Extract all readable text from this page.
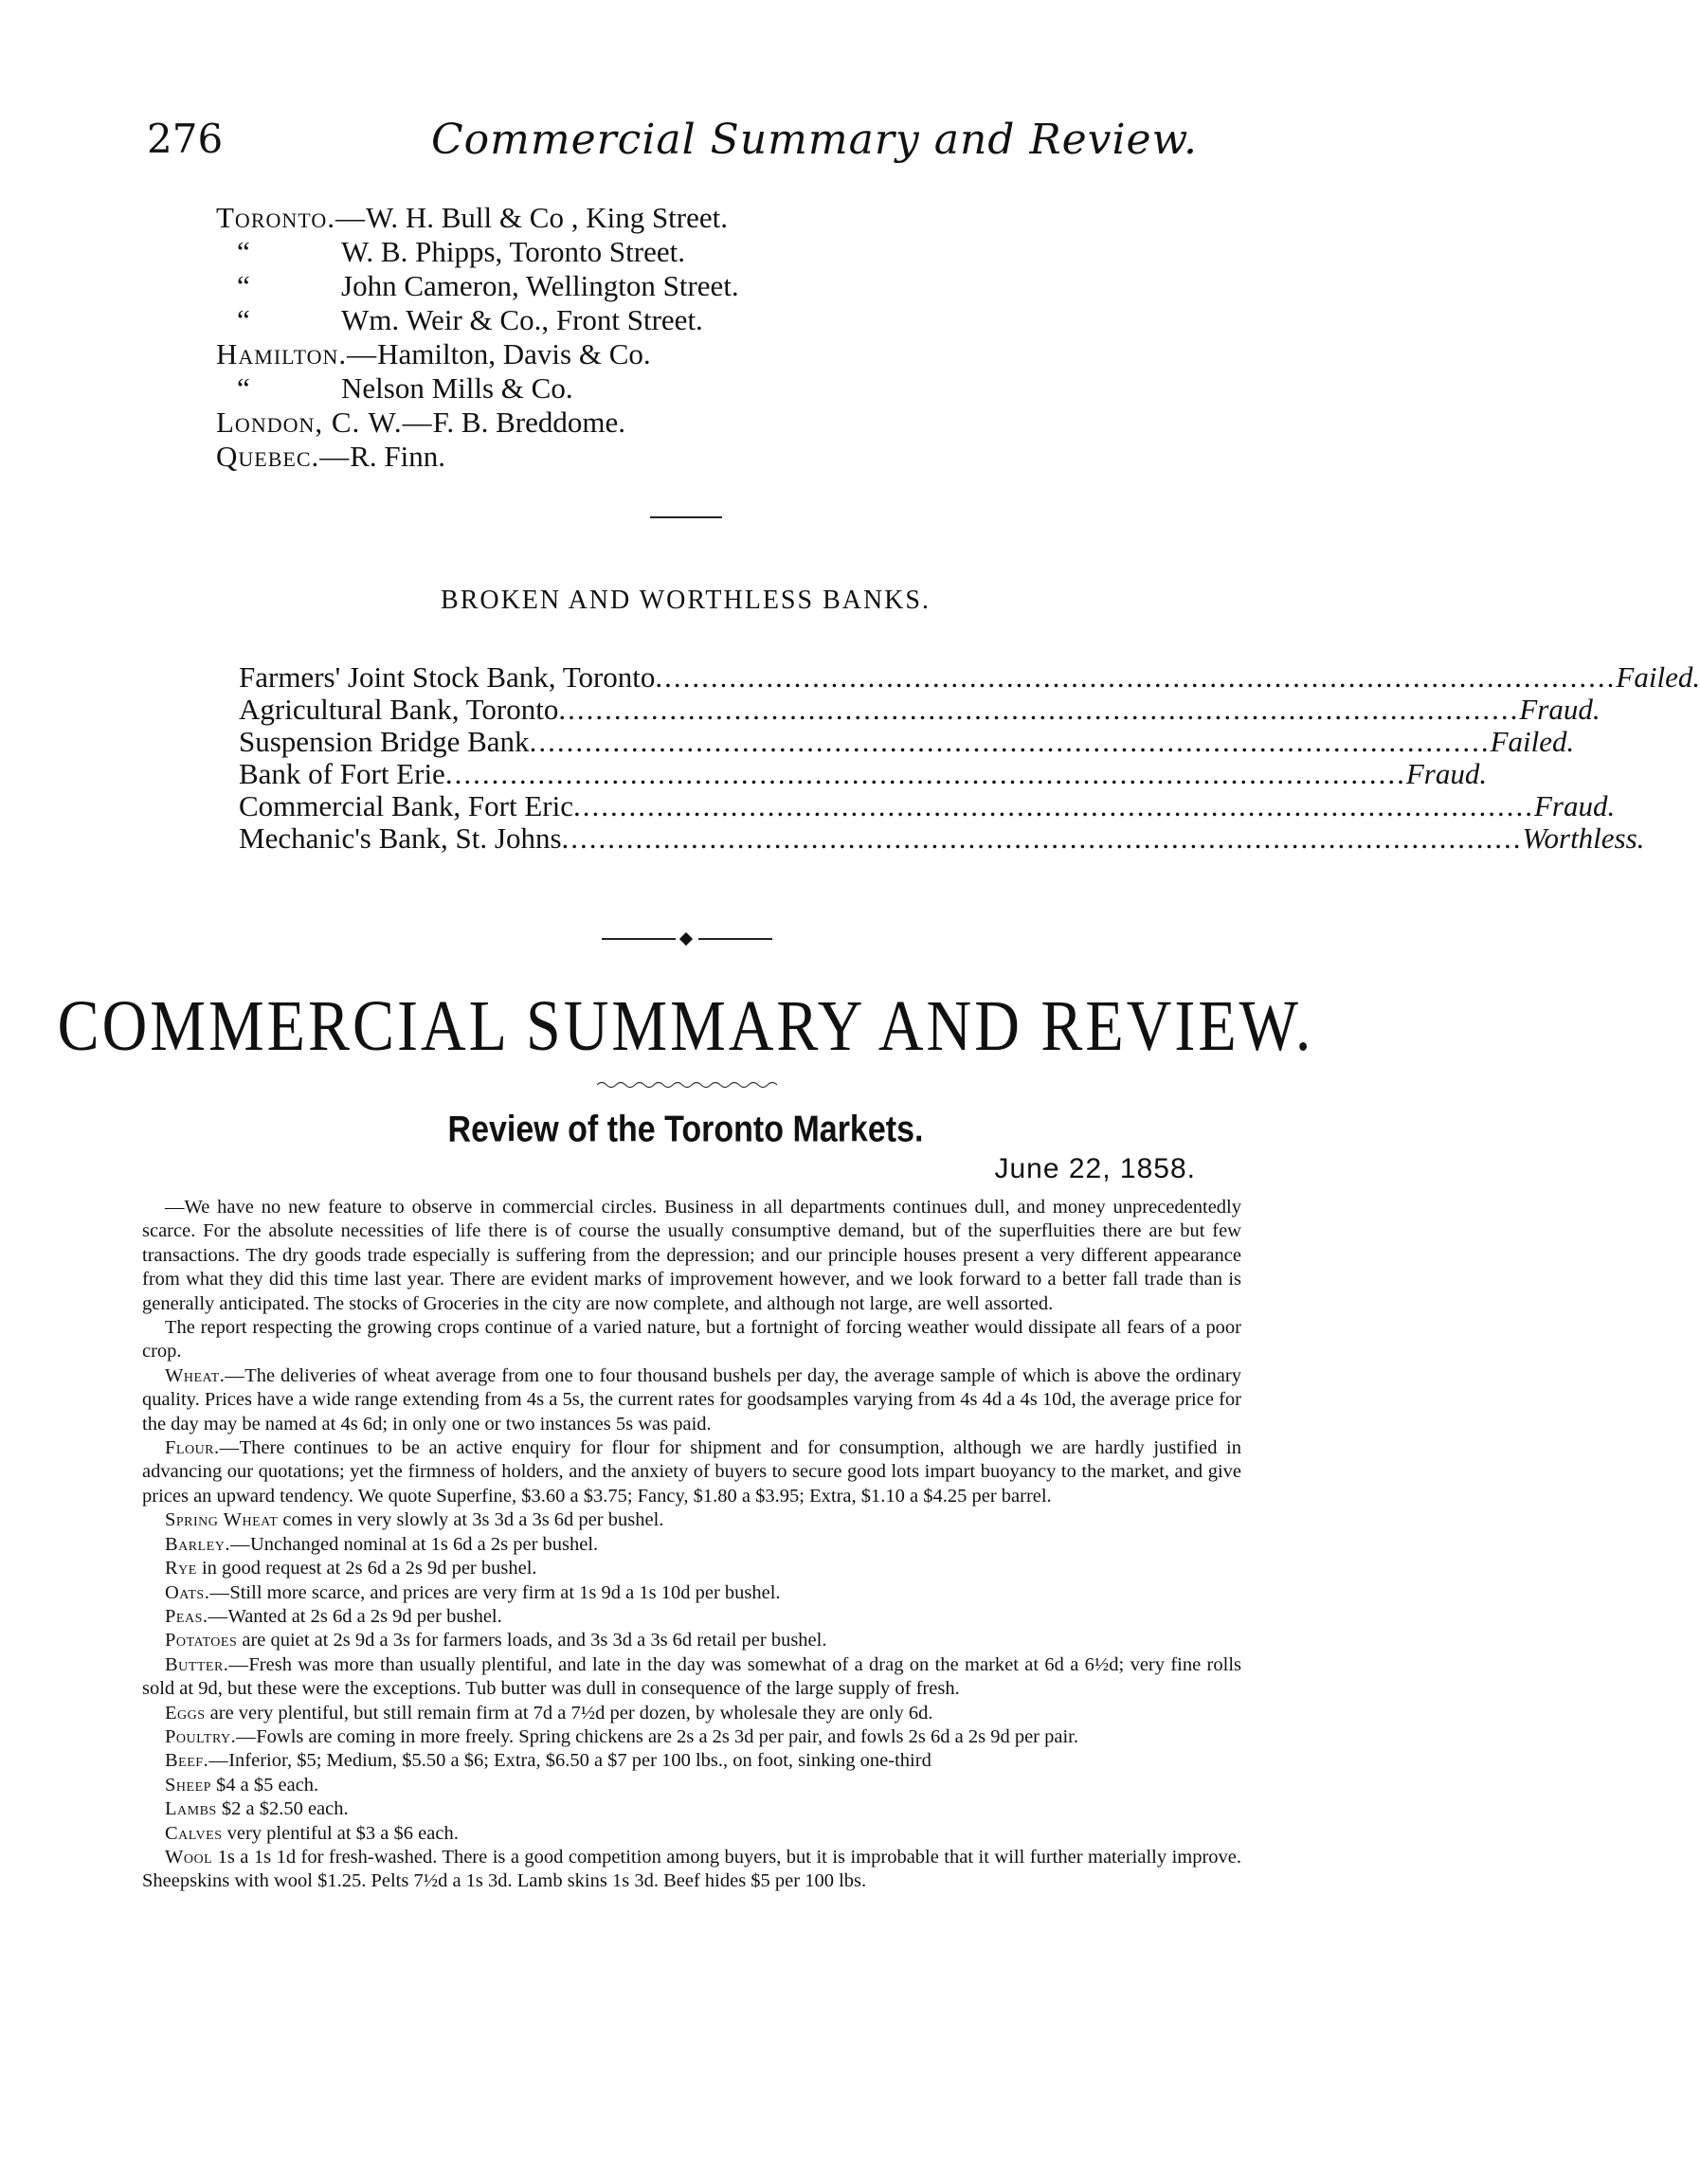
276	Commercial Summary and Review.
Toronto.—W. H. Bull & Co , King Street.
“	W. B. Phipps, Toronto Street.
“	John Cameron, Wellington Street.
“	Wm. Weir & Co., Front Street.
Hamilton.—Hamilton, Davis & Co.
“	Nelson Mills & Co.
London, C. W.—F. B. Breddome.
Quebec.—R. Finn.
BROKEN AND WORTHLESS BANKS.
Farmers' Joint Stock Bank, Toronto ........................................................................................................ Failed.
Agricultural Bank, Toronto ........................................................................................................ Fraud.
Suspension Bridge Bank ........................................................................................................ Failed.
Bank of Fort Erie ........................................................................................................ Fraud.
Commercial Bank, Fort Eric ........................................................................................................ Fraud.
Mechanic's Bank, St. Johns ........................................................................................................ Worthless.
COMMERCIAL SUMMARY AND REVIEW.
Review of the Toronto Markets.
June 22, 1858.

—We have no new feature to observe in commercial circles. Business in all departments continues dull, and money unprecedentedly scarce. For the absolute necessities of life there is of course the usually consumptive demand, but of the superfluities there are but few transactions. The dry goods trade especially is suffering from the depression; and our principle houses present a very different appearance from what they did this time last year. There are evident marks of improvement however, and we look forward to a better fall trade than is generally anticipated. The stocks of Groceries in the city are now complete, and although not large, are well assorted.

The report respecting the growing crops continue of a varied nature, but a fortnight of forcing weather would dissipate all fears of a poor crop.

Wheat.—The deliveries of wheat average from one to four thousand bushels per day, the average sample of which is above the ordinary quality. Prices have a wide range extending from 4s a 5s, the current rates for goodsamples varying from 4s 4d a 4s 10d, the average price for the day may be named at 4s 6d; in only one or two instances 5s was paid.

Flour.—There continues to be an active enquiry for flour for shipment and for consumption, although we are hardly justified in advancing our quotations; yet the firmness of holders, and the anxiety of buyers to secure good lots impart buoyancy to the market, and give prices an upward tendency. We quote Superfine, $3.60 a $3.75; Fancy, $1.80 a $3.95; Extra, $1.10 a $4.25 per barrel.

Spring Wheat comes in very slowly at 3s 3d a 3s 6d per bushel.

Barley.—Unchanged nominal at 1s 6d a 2s per bushel.

Rye in good request at 2s 6d a 2s 9d per bushel.

Oats.—Still more scarce, and prices are very firm at 1s 9d a 1s 10d per bushel.

Peas.—Wanted at 2s 6d a 2s 9d per bushel.

Potatoes are quiet at 2s 9d a 3s for farmers loads, and 3s 3d a 3s 6d retail per bushel.

Butter.—Fresh was more than usually plentiful, and late in the day was somewhat of a drag on the market at 6d a 6½d; very fine rolls sold at 9d, but these were the exceptions. Tub butter was dull in consequence of the large supply of fresh.

Eggs are very plentiful, but still remain firm at 7d a 7½d per dozen, by wholesale they are only 6d.

Poultry.—Fowls are coming in more freely. Spring chickens are 2s a 2s 3d per pair, and fowls 2s 6d a 2s 9d per pair.

Beef.—Inferior, $5; Medium, $5.50 a $6; Extra, $6.50 a $7 per 100 lbs., on foot, sinking one-third

Sheep $4 a $5 each.

Lambs $2 a $2.50 each.

Calves very plentiful at $3 a $6 each.

Wool 1s a 1s 1d for fresh-washed. There is a good competition among buyers, but it is improbable that it will further materially improve. Sheepskins with wool $1.25. Pelts 7½d a 1s 3d. Lamb skins 1s 3d. Beef hides $5 per 100 lbs.
